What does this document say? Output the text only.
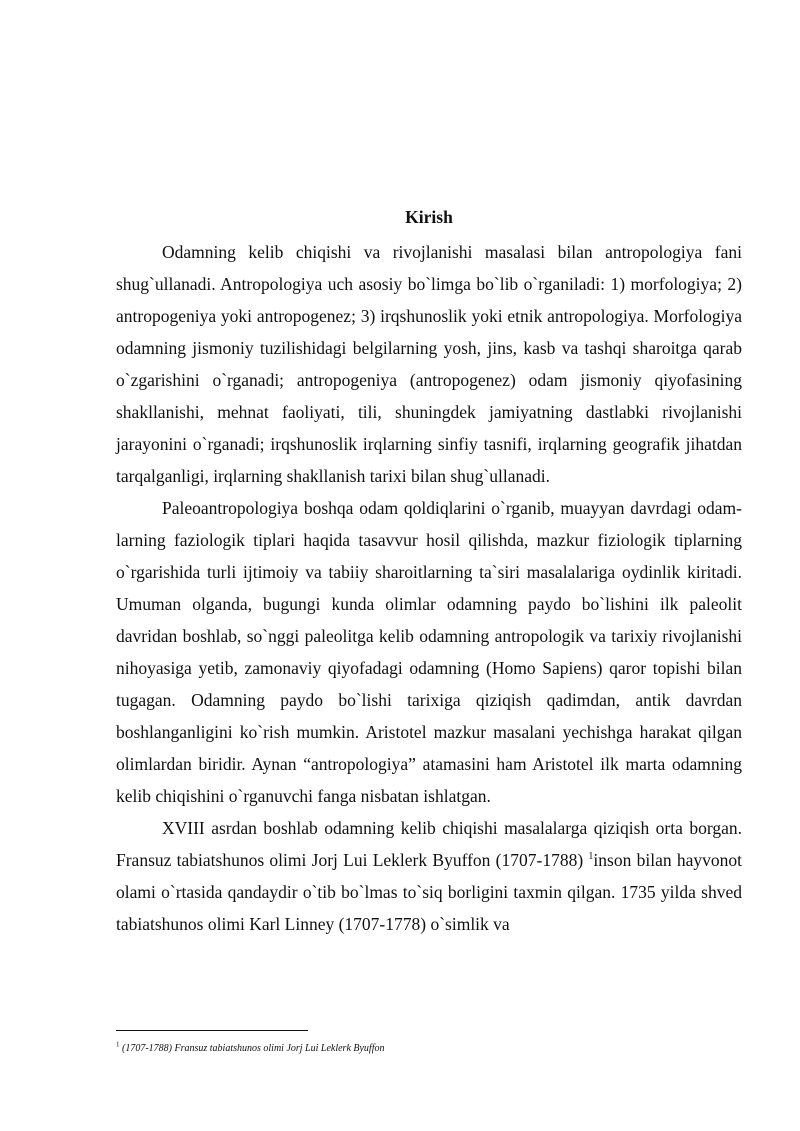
Kirish

Odamning kelib chiqishi va rivojlanishi masalasi bilan antropologiya fani shug`ullanadi. Antropologiya uch asosiy bo`limga bo`lib o`rganiladi: 1) morfologiya; 2) antropogeniya yoki antropogenez; 3) irqshunoslik yoki etnik antropologiya. Morfologiya odamning jismoniy tuzilishidagi belgilarning yosh, jins, kasb va tashqi sharoitga qarab o`zgarishini o`rganadi; antropogeniya (antropogenez) odam jismoniy qiyofasining shakllanishi, mehnat faoliyati, tili, shuningdek jamiyatning dastlabki rivojlanishi jarayonini o`rganadi; irqshunoslik irqlarning sinfiy tasnifi, irqlarning geografik jihatdan tarqalganligi, irqlarning shakllanish tarixi bilan shug`ullanadi.

Paleoantropologiya boshqa odam qoldiqlarini o`rganib, muayyan davrdagi odam-larning faziologik tiplari haqida tasavvur hosil qilishda, mazkur fiziologik tiplarning o`rgarishida turli ijtimoiy va tabiiy sharoitlarning ta`siri masalalariga oydinlik kiritadi. Umuman olganda, bugungi kunda olimlar odamning paydo bo`lishini ilk paleolit davridan boshlab, so`nggi paleolitga kelib odamning antropologik va tarixiy rivojlanishi nihoyasiga yetib, zamonaviy qiyofadagi odamning (Homo Sapiens) qaror topishi bilan tugagan. Odamning paydo bo`lishi tarixiga qiziqish qadimdan, antik davrdan boshlanganligini ko`rish mumkin. Aristotel mazkur masalani yechishga harakat qilgan olimlardan biridir. Aynan “antropologiya” atamasini ham Aristotel ilk marta odamning kelib chiqishini o`rganuvchi fanga nisbatan ishlatgan.

XVIII asrdan boshlab odamning kelib chiqishi masalalarga qiziqish orta borgan. Fransuz tabiatshunos olimi Jorj Lui Leklerk Byuffon (1707-1788) $^1$inson bilan hayvonot olami o`rtasida qandaydir o`tib bo`lmas to`siq borligini taxmin qilgan. 1735 yilda shved tabiatshunos olimi Karl Linney (1707-1778) o`simlik va

$^1$ (1707-1788) Fransuz tabiatshunos olimi Jorj Lui Leklerk Byuffon
